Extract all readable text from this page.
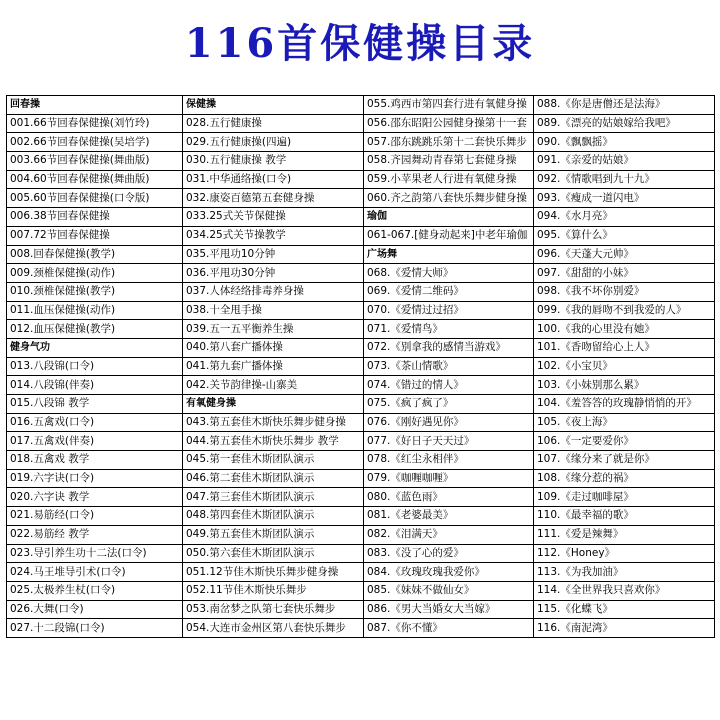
116首保健操目录
回春操	保健操	055.鸡西市第四套行进有氧健身操	088.《你是唐僧还是法海》
001.66节回春保健操(刘竹玲)	028.五行健康操	056.邵东昭阳公园健身操第十一套	089.《漂亮的姑娘嫁给我吧》
002.66节回春保健操(吴培学)	029.五行健康操(四遍)	057.邵东跳跳乐第十二套快乐舞步	090.《飘飘摇》
003.66节回春保健操(舞曲版)	030.五行健康操 教学	058.齐园舞动青春第七套健身操	091.《亲爱的姑娘》
004.60节回春保健操(舞曲版)	031.中华通络操(口令)	059.小苹果老人行进有氧健身操	092.《情歌唱到九十九》
005.60节回春保健操(口令版)	032.康姿百德第五套健身操	060.齐之韵第八套快乐舞步健身操	093.《瘦成一道闪电》
006.38节回春保健操	033.25式关节保健操	瑜伽	094.《水月亮》
007.72节回春保健操	034.25式关节操教学	061-067.[健身动起来]中老年瑜伽	095.《算什么》
008.回春保健操(教学)	035.平甩功10分钟	广场舞	096.《天蓬大元帅》
009.颈椎保健操(动作)	036.平甩功30分钟	068.《爱情大师》	097.《甜甜的小妹》
010.颈椎保健操(教学)	037.人体经络排毒养身操	069.《爱情二维码》	098.《我不坏你别爱》
011.血压保健操(动作)	038.十全甩手操	070.《爱情过过招》	099.《我的唇吻不到我爱的人》
012.血压保健操(教学)	039.五一五平衡养生操	071.《爱情鸟》	100.《我的心里没有她》
健身气功	040.第八套广播体操	072.《别拿我的感情当游戏》	101.《香吻留给心上人》
013.八段锦(口令)	041.第九套广播体操	073.《茶山情歌》	102.《小宝贝》
014.八段锦(伴奏)	042.关节韵律操-山寨美	074.《错过的情人》	103.《小妹别那么累》
015.八段锦 教学	有氧健身操	075.《疯了疯了》	104.《羞答答的玫瑰静悄悄的开》
016.五禽戏(口令)	043.第五套佳木斯快乐舞步健身操	076.《刚好遇见你》	105.《夜上海》
017.五禽戏(伴奏)	044.第五套佳木斯快乐舞步 教学	077.《好日子天天过》	106.《一定要爱你》
018.五禽戏 教学	045.第一套佳木斯团队演示	078.《红尘永相伴》	107.《缘分来了就是你》
019.六字诀(口令)	046.第二套佳木斯团队演示	079.《咖喱咖喱》	108.《缘分惹的祸》
020.六字诀 教学	047.第三套佳木斯团队演示	080.《蓝色雨》	109.《走过咖啡屋》
021.易筋经(口令)	048.第四套佳木斯团队演示	081.《老婆最美》	110.《最幸福的歌》
022.易筋经 教学	049.第五套佳木斯团队演示	082.《泪满天》	111.《爱是辣舞》
023.导引养生功十二法(口令)	050.第六套佳木斯团队演示	083.《没了心的爱》	112.《Honey》
024.马王堆导引术(口令)	051.12节佳木斯快乐舞步健身操	084.《玫瑰玫瑰我爱你》	113.《为我加油》
025.太极养生杖(口令)	052.11节佳木斯快乐舞步	085.《妹妹不做仙女》	114.《全世界我只喜欢你》
026.大舞(口令)	053.南岔梦之队第七套快乐舞步	086.《男大当婚女大当嫁》	115.《化蝶飞》
027.十二段锦(口令)	054.大连市金州区第八套快乐舞步	087.《你不懂》	116.《南泥湾》
